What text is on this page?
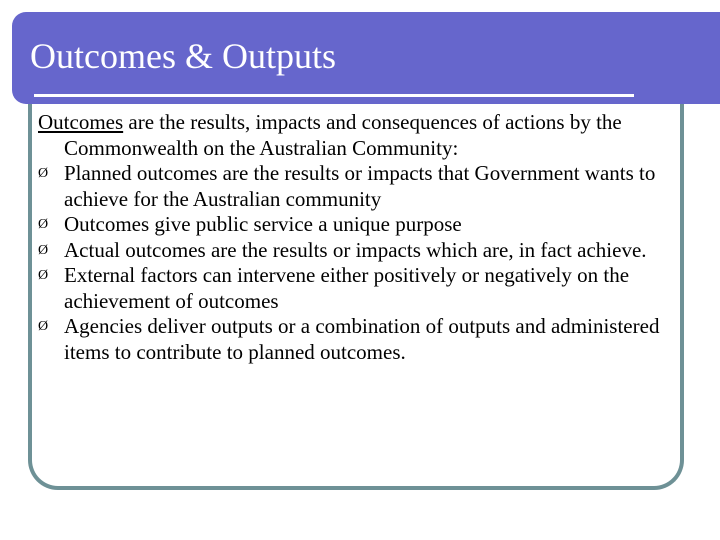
Outcomes & Outputs

Outcomes are the results, impacts and consequences of actions by the Commonwealth on the Australian Community:

Ø Planned outcomes are the results or impacts that Government wants to achieve for the Australian community
Ø Outcomes give public service a unique purpose
Ø Actual outcomes are the results or impacts which are, in fact achieve.
Ø External factors can intervene either positively or negatively on the achievement of outcomes
Ø Agencies deliver outputs or a combination of outputs and administered items to contribute to planned outcomes.
